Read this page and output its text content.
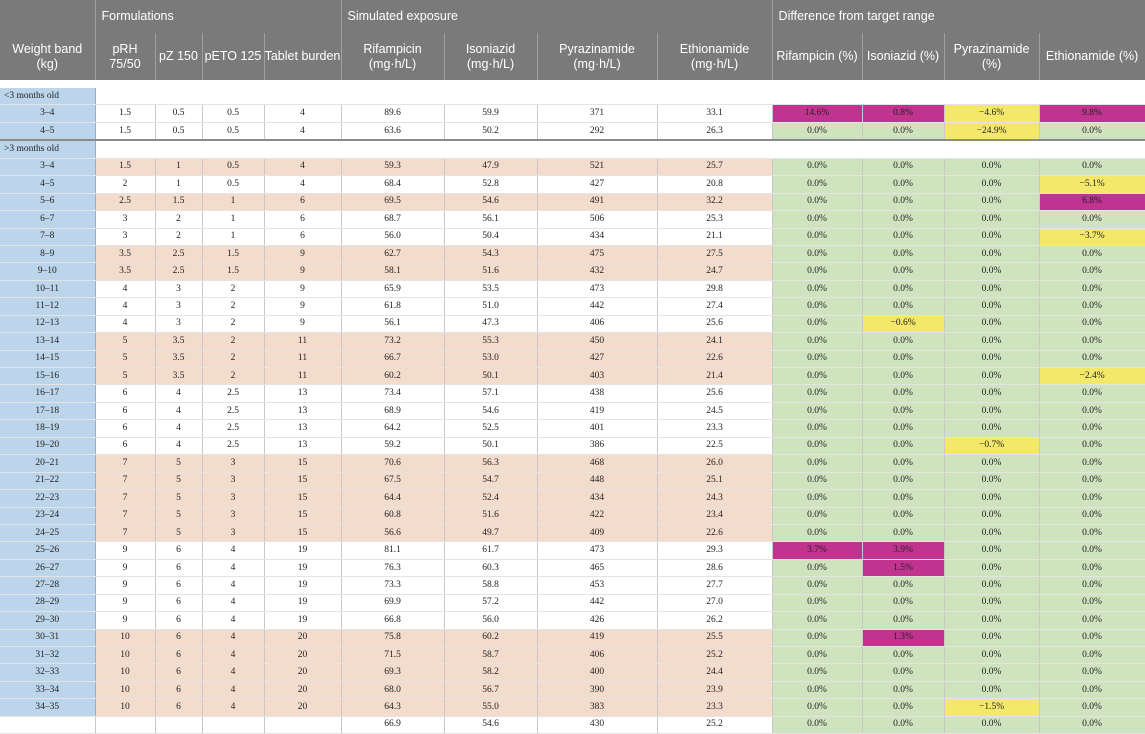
	Formulations				Simulated exposure				Difference from target range			
Weight band (kg)	pRH 75/50	pZ 150	pETO 125	Tablet burden	Rifampicin (mg·h/L)	Isoniazid (mg·h/L)	Pyrazinamide (mg·h/L)	Ethionamide (mg·h/L)	Rifampicin (%)	Isoniazid (%)	Pyrazinamide (%)	Ethionamide (%)

<3 months old												
3–4	1.5	0.5	0.5	4	89.6	59.9	371	33.1	14.6%	0.8%	−4.6%	9.8%
4–5	1.5	0.5	0.5	4	63.6	50.2	292	26.3	0.0%	0.0%	−24.9%	0.0%
>3 months old												
3–4	1.5	1	0.5	4	59.3	47.9	521	25.7	0.0%	0.0%	0.0%	0.0%
4–5	2	1	0.5	4	68.4	52.8	427	20.8	0.0%	0.0%	0.0%	−5.1%
5–6	2.5	1.5	1	6	69.5	54.6	491	32.2	0.0%	0.0%	0.0%	6.8%
6–7	3	2	1	6	68.7	56.1	506	25.3	0.0%	0.0%	0.0%	0.0%
7–8	3	2	1	6	56.0	50.4	434	21.1	0.0%	0.0%	0.0%	−3.7%
8–9	3.5	2.5	1.5	9	62.7	54.3	475	27.5	0.0%	0.0%	0.0%	0.0%
9–10	3.5	2.5	1.5	9	58.1	51.6	432	24.7	0.0%	0.0%	0.0%	0.0%
10–11	4	3	2	9	65.9	53.5	473	29.8	0.0%	0.0%	0.0%	0.0%
11–12	4	3	2	9	61.8	51.0	442	27.4	0.0%	0.0%	0.0%	0.0%
12–13	4	3	2	9	56.1	47.3	406	25.6	0.0%	−0.6%	0.0%	0.0%
13–14	5	3.5	2	11	73.2	55.3	450	24.1	0.0%	0.0%	0.0%	0.0%
14–15	5	3.5	2	11	66.7	53.0	427	22.6	0.0%	0.0%	0.0%	0.0%
15–16	5	3.5	2	11	60.2	50.1	403	21.4	0.0%	0.0%	0.0%	−2.4%
16–17	6	4	2.5	13	73.4	57.1	438	25.6	0.0%	0.0%	0.0%	0.0%
17–18	6	4	2.5	13	68.9	54.6	419	24.5	0.0%	0.0%	0.0%	0.0%
18–19	6	4	2.5	13	64.2	52.5	401	23.3	0.0%	0.0%	0.0%	0.0%
19–20	6	4	2.5	13	59.2	50.1	386	22.5	0.0%	0.0%	−0.7%	0.0%
20–21	7	5	3	15	70.6	56.3	468	26.0	0.0%	0.0%	0.0%	0.0%
21–22	7	5	3	15	67.5	54.7	448	25.1	0.0%	0.0%	0.0%	0.0%
22–23	7	5	3	15	64.4	52.4	434	24.3	0.0%	0.0%	0.0%	0.0%
23–24	7	5	3	15	60.8	51.6	422	23.4	0.0%	0.0%	0.0%	0.0%
24–25	7	5	3	15	56.6	49.7	409	22.6	0.0%	0.0%	0.0%	0.0%
25–26	9	6	4	19	81.1	61.7	473	29.3	3.7%	3.9%	0.0%	0.0%
26–27	9	6	4	19	76.3	60.3	465	28.6	0.0%	1.5%	0.0%	0.0%
27–28	9	6	4	19	73.3	58.8	453	27.7	0.0%	0.0%	0.0%	0.0%
28–29	9	6	4	19	69.9	57.2	442	27.0	0.0%	0.0%	0.0%	0.0%
29–30	9	6	4	19	66.8	56.0	426	26.2	0.0%	0.0%	0.0%	0.0%
30–31	10	6	4	20	75.8	60.2	419	25.5	0.0%	1.3%	0.0%	0.0%
31–32	10	6	4	20	71.5	58.7	406	25.2	0.0%	0.0%	0.0%	0.0%
32–33	10	6	4	20	69.3	58.2	400	24.4	0.0%	0.0%	0.0%	0.0%
33–34	10	6	4	20	68.0	56.7	390	23.9	0.0%	0.0%	0.0%	0.0%
34–35	10	6	4	20	64.3	55.0	383	23.3	0.0%	0.0%	−1.5%	0.0%
					66.9	54.6	430	25.2	0.0%	0.0%	0.0%	0.0%
